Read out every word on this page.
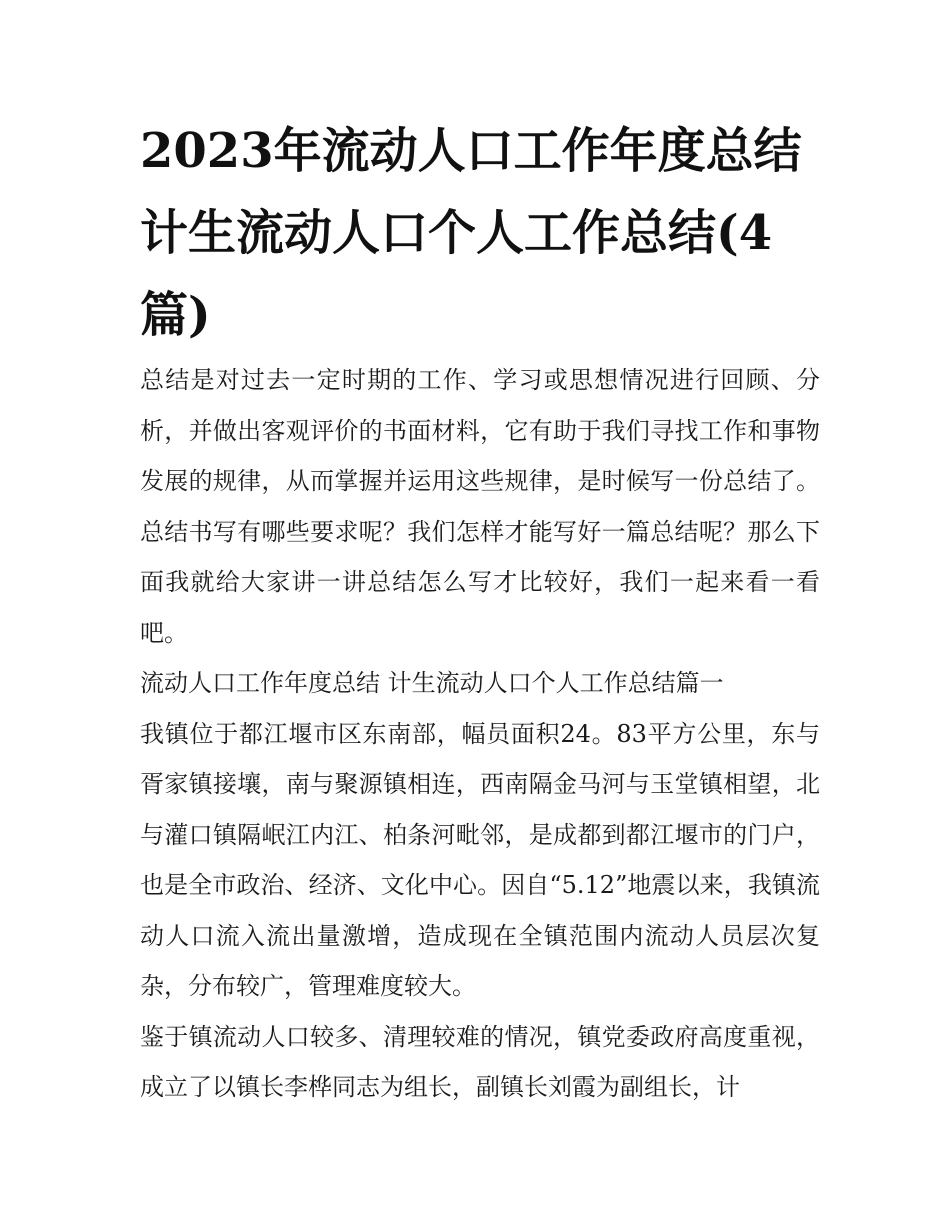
2023年流动人口工作年度总结 计生流动人口个人工作总结(4篇)

总结是对过去一定时期的工作、学习或思想情况进行回顾、分析，并做出客观评价的书面材料，它有助于我们寻找工作和事物发展的规律，从而掌握并运用这些规律，是时候写一份总结了。总结书写有哪些要求呢？我们怎样才能写好一篇总结呢？那么下面我就给大家讲一讲总结怎么写才比较好，我们一起来看一看吧。

流动人口工作年度总结 计生流动人口个人工作总结篇一

我镇位于都江堰市区东南部，幅员面积24。83平方公里，东与胥家镇接壤，南与聚源镇相连，西南隔金马河与玉堂镇相望，北与灌口镇隔岷江内江、柏条河毗邻，是成都到都江堰市的门户，也是全市政治、经济、文化中心。因自“5.12”地震以来，我镇流动人口流入流出量激增，造成现在全镇范围内流动人员层次复杂，分布较广，管理难度较大。

鉴于镇流动人口较多、清理较难的情况，镇党委政府高度重视，成立了以镇长李桦同志为组长，副镇长刘霞为副组长，计
